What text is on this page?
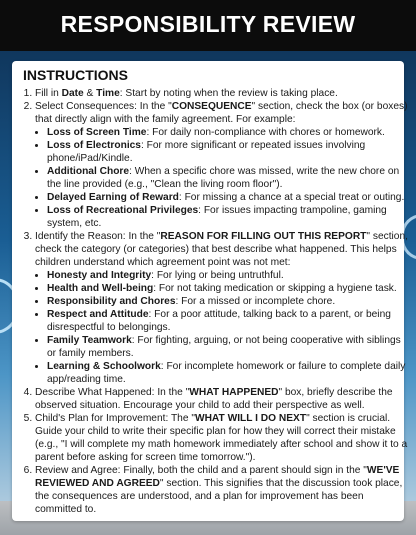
RESPONSIBILITY REVIEW
INSTRUCTIONS
1. Fill in Date & Time: Start by noting when the review is taking place.
2. Select Consequences: In the "CONSEQUENCE" section, check the box (or boxes) that directly align with the family agreement. For example:
• Loss of Screen Time: For daily non-compliance with chores or homework.
• Loss of Electronics: For more significant or repeated issues involving phone/iPad/Kindle.
• Additional Chore: When a specific chore was missed, write the new chore on the line provided (e.g., "Clean the living room floor").
• Delayed Earning of Reward: For missing a chance at a special treat or outing.
• Loss of Recreational Privileges: For issues impacting trampoline, gaming system, etc.
3. Identify the Reason: In the "REASON FOR FILLING OUT THIS REPORT" section, check the category (or categories) that best describe what happened. This helps children understand which agreement point was not met:
• Honesty and Integrity: For lying or being untruthful.
• Health and Well-being: For not taking medication or skipping a hygiene task.
• Responsibility and Chores: For a missed or incomplete chore.
• Respect and Attitude: For a poor attitude, talking back to a parent, or being disrespectful to belongings.
• Family Teamwork: For fighting, arguing, or not being cooperative with siblings or family members.
• Learning & Schoolwork: For incomplete homework or failure to complete daily app/reading time.
4. Describe What Happened: In the "WHAT HAPPENED" box, briefly describe the observed situation. Encourage your child to add their perspective as well.
5. Child's Plan for Improvement: The "WHAT WILL I DO NEXT" section is crucial. Guide your child to write their specific plan for how they will correct their mistake (e.g., "I will complete my math homework immediately after school and show it to a parent before asking for screen time tomorrow.").
6. Review and Agree: Finally, both the child and a parent should sign in the "WE'VE REVIEWED AND AGREED" section. This signifies that the discussion took place, the consequences are understood, and a plan for improvement has been committed to.
